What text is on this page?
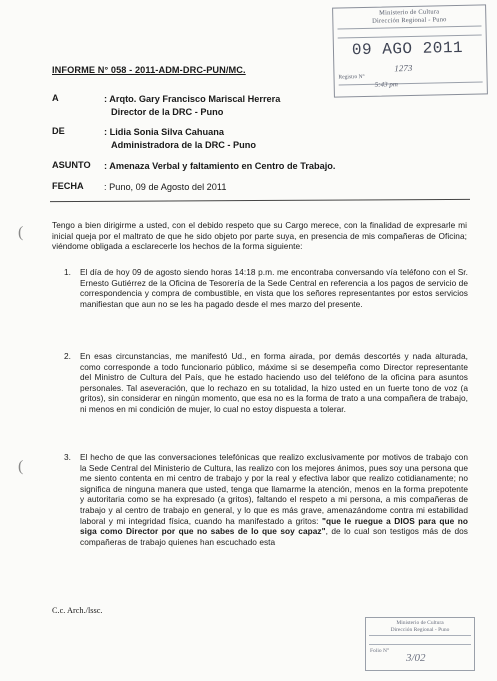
Ministerio de Cultura
Dirección Regional - Puno
09 AGO 2011
1273
Registro N°
5:43 pm
INFORME N° 058 - 2011-ADM-DRC-PUN/MC.
A	: Arqto. Gary Francisco Mariscal Herrera
Director de la DRC - Puno
DE	: Lidia Sonia Silva Cahuana
Administradora de la DRC - Puno
ASUNTO : Amenaza Verbal y faltamiento en Centro de Trabajo.
FECHA : Puno, 09 de Agosto del 2011
(
(
Tengo a bien dirigirme a usted, con el debido respeto que su Cargo merece, con la finalidad de expresarle mi inicial queja por el maltrato de que he sido objeto por parte suya, en presencia de mis compañeras de Oficina; viéndome obligada a esclarecerle los hechos de la forma siguiente:
1. El día de hoy 09 de agosto siendo horas 14:18 p.m. me encontraba conversando vía teléfono con el Sr. Ernesto Gutiérrez de la Oficina de Tesorería de la Sede Central en referencia a los pagos de servicio de correspondencia y compra de combustible, en vista que los señores representantes por estos servicios manifiestan que aun no se les ha pagado desde el mes marzo del presente.
2. En esas circunstancias, me manifestó Ud., en forma airada, por demás descortés y nada alturada, como corresponde a todo funcionario público, máxime si se desempeña como Director representante del Ministro de Cultura del País, que he estado haciendo uso del teléfono de la oficina para asuntos personales. Tal aseveración, que lo rechazo en su totalidad, la hizo usted en un fuerte tono de voz (a gritos), sin considerar en ningún momento, que esa no es la forma de trato a una compañera de trabajo, ni menos en mi condición de mujer, lo cual no estoy dispuesta a tolerar.
3. El hecho de que las conversaciones telefónicas que realizo exclusivamente por motivos de trabajo con la Sede Central del Ministerio de Cultura, las realizo con los mejores ánimos, pues soy una persona que me siento contenta en mi centro de trabajo y por la real y efectiva labor que realizo cotidianamente; no significa de ninguna manera que usted, tenga que llamarme la atención, menos en la forma prepotente y autoritaria como se ha expresado (a gritos), faltando el respeto a mi persona, a mis compañeras de trabajo y al centro de trabajo en general, y lo que es más grave, amenazándome contra mi estabilidad laboral y mi integridad física, cuando ha manifestado a gritos: "que le ruegue a DIOS para que no siga como Director por que no sabes de lo que soy capaz", de lo cual son testigos más de dos compañeras de trabajo quienes han escuchado esta
C.c. Arch./lssc.
Ministerio de Cultura
Dirección Regional - Puno
Folio N°
3/02
